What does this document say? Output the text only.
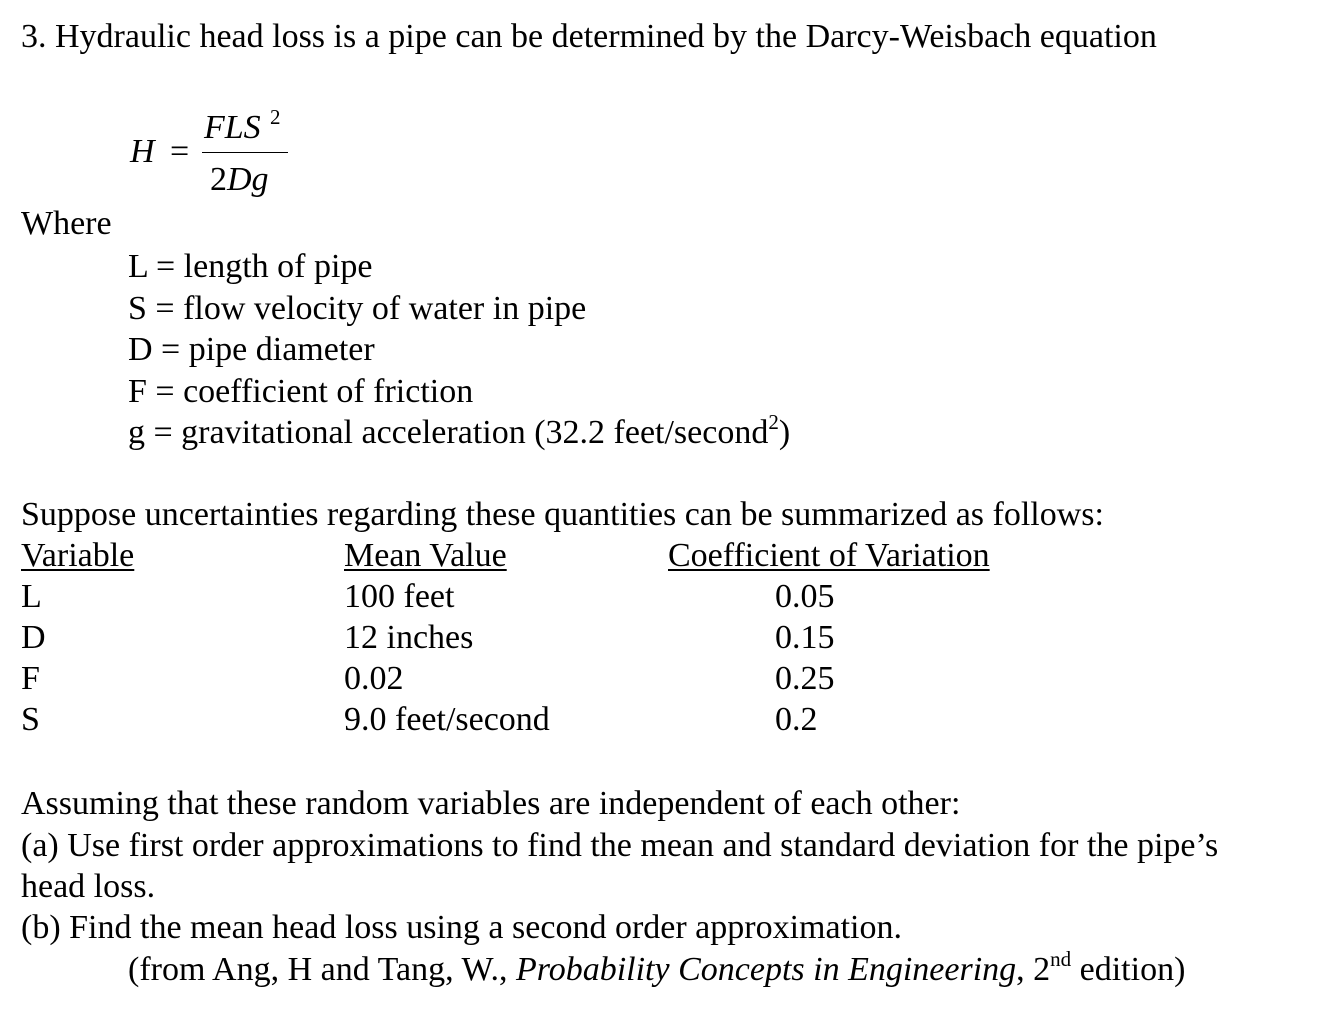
3. Hydraulic head loss is a pipe can be determined by the Darcy-Weisbach equation
H =
FLS 2
2Dg
Where
L = length of pipe
S = flow velocity of water in pipe
D = pipe diameter
F = coefficient of friction
g = gravitational acceleration (32.2 feet/second$^2$)
Suppose uncertainties regarding these quantities can be summarized as follows:
Variable	Mean Value	Coefficient of Variation
L	100 feet	0.05
D	12 inches	0.15
F	0.02	0.25
S	9.0 feet/second	0.2
Assuming that these random variables are independent of each other:
(a) Use first order approximations to find the mean and standard deviation for the pipe’s
head loss.
(b) Find the mean head loss using a second order approximation.
(from Ang, H and Tang, W., Probability Concepts in Engineering, 2nd edition)
